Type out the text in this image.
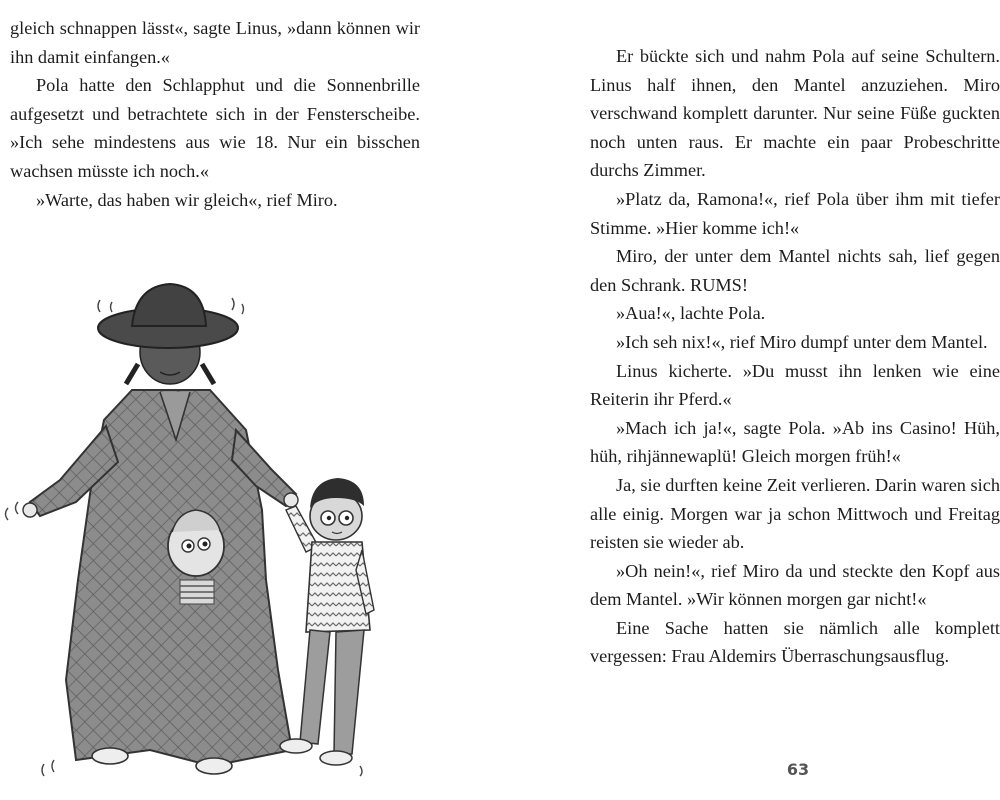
gleich schnappen lässt«, sagte Linus, »dann können wir ihn damit einfangen.«

Pola hatte den Schlapphut und die Sonnenbrille aufgesetzt und betrachtete sich in der Fensterscheibe. »Ich sehe mindestens aus wie 18. Nur ein bisschen wachsen müsste ich noch.«

»Warte, das haben wir gleich«, rief Miro.

Er bückte sich und nahm Pola auf seine Schultern. Linus half ihnen, den Mantel anzuziehen. Miro verschwand komplett darunter. Nur seine Füße guckten noch unten raus. Er machte ein paar Probeschritte durchs Zimmer.

»Platz da, Ramona!«, rief Pola über ihm mit tiefer Stimme. »Hier komme ich!«

Miro, der unter dem Mantel nichts sah, lief gegen den Schrank. RUMS!

»Aua!«, lachte Pola.

»Ich seh nix!«, rief Miro dumpf unter dem Mantel.

Linus kicherte. »Du musst ihn lenken wie eine Reiterin ihr Pferd.«

»Mach ich ja!«, sagte Pola. »Ab ins Casino! Hüh, hüh, rihjännewaplü! Gleich morgen früh!«

Ja, sie durften keine Zeit verlieren. Darin waren sich alle einig. Morgen war ja schon Mittwoch und Freitag reisten sie wieder ab.

»Oh nein!«, rief Miro da und steckte den Kopf aus dem Mantel. »Wir können morgen gar nicht!«

Eine Sache hatten sie nämlich alle komplett vergessen: Frau Aldemirs Überraschungsausflug.

63
